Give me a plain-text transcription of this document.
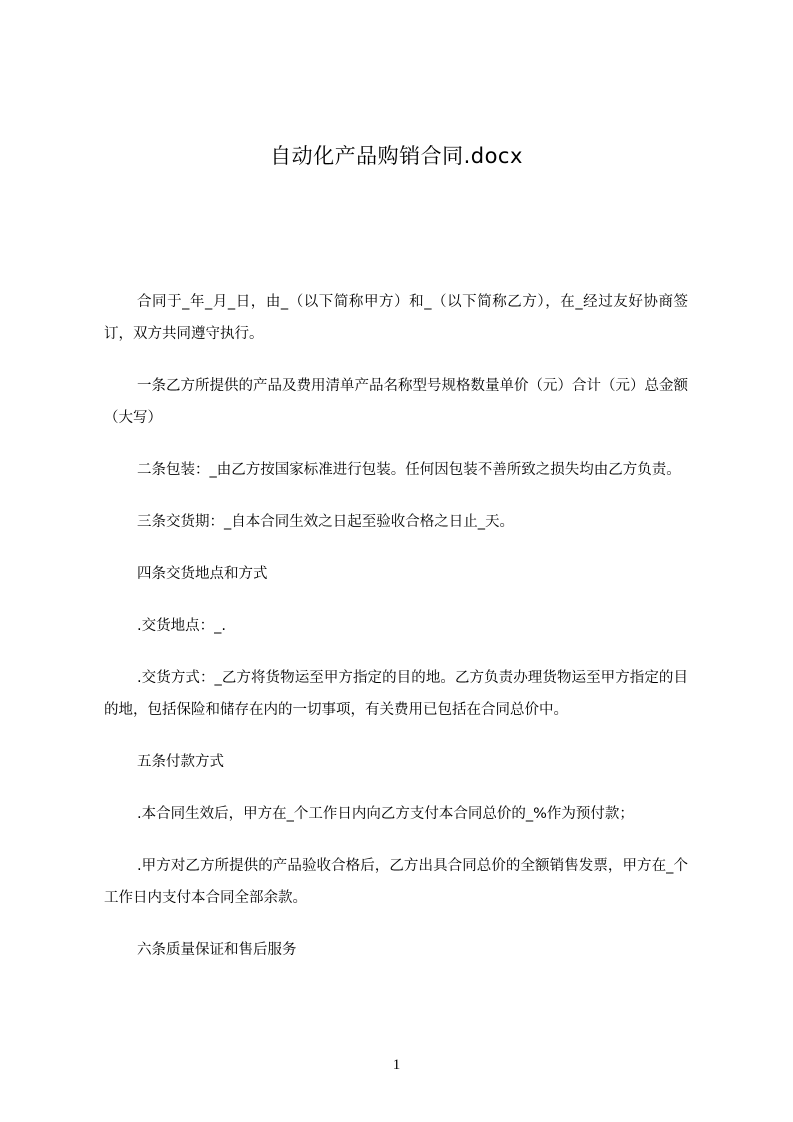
自动化产品购销合同.docx

合同于_年_月_日，由_（以下简称甲方）和_（以下简称乙方），在_经过友好协商签订，双方共同遵守执行。

一条乙方所提供的产品及费用清单产品名称型号规格数量单价（元）合计（元）总金额（大写）

二条包装：_由乙方按国家标准进行包装。任何因包装不善所致之损失均由乙方负责。

三条交货期：_自本合同生效之日起至验收合格之日止_天。

四条交货地点和方式

.交货地点：_.

.交货方式：_乙方将货物运至甲方指定的目的地。乙方负责办理货物运至甲方指定的目的地，包括保险和储存在内的一切事项，有关费用已包括在合同总价中。

五条付款方式

.本合同生效后，甲方在_个工作日内向乙方支付本合同总价的_%作为预付款；

.甲方对乙方所提供的产品验收合格后，乙方出具合同总价的全额销售发票，甲方在_个工作日内支付本合同全部余款。

六条质量保证和售后服务

1
